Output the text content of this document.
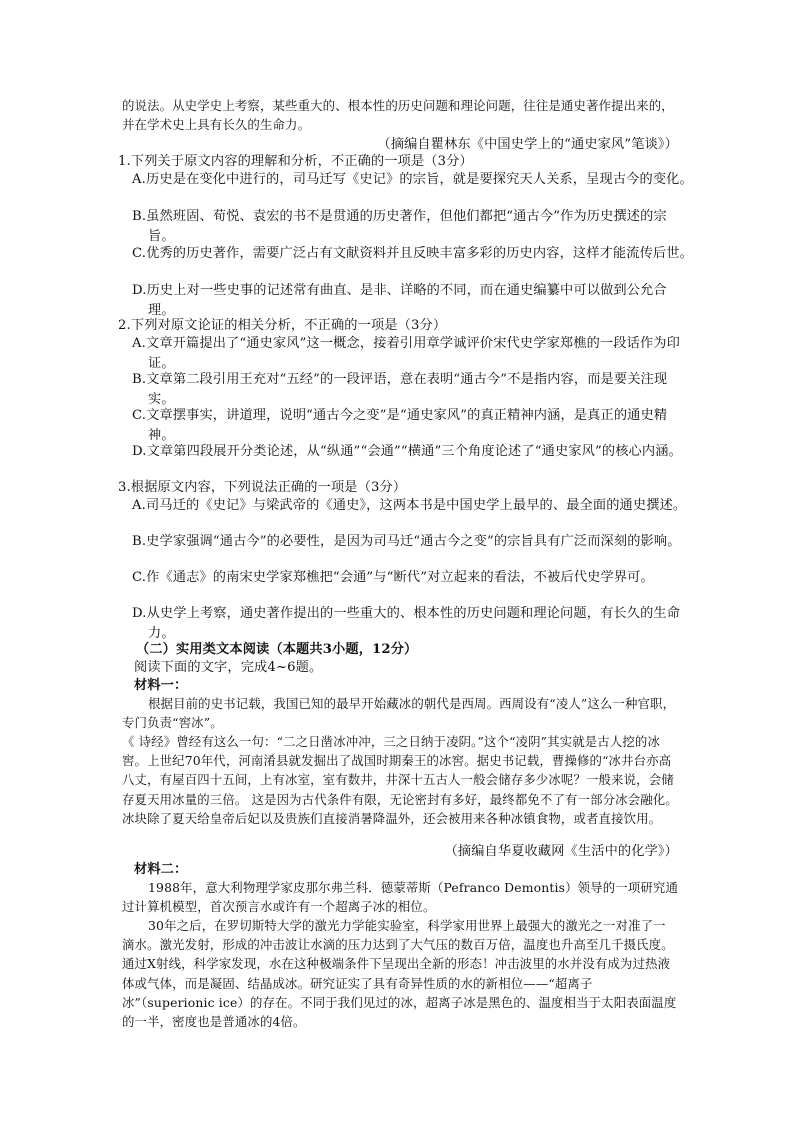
的说法。从史学史上考察，某些重大的、根本性的历史问题和理论问题，往往是通史著作提出来的，并在学术史上具有长久的生命力。

（摘编自瞿林东《中国史学上的“通史家风”笔谈》）

1.下列关于原文内容的理解和分析，不正确的一项是（3分）

A.历史是在变化中进行的，司马迁写《史记》的宗旨，就是要探究天人关系，呈现古今的变化。

B.虽然班固、荀悦、袁宏的书不是贯通的历史著作，但他们都把“通古今”作为历史撰述的宗旨。

C.优秀的历史著作，需要广泛占有文献资料并且反映丰富多彩的历史内容，这样才能流传后世。

D.历史上对一些史事的记述常有曲直、是非、详略的不同，而在通史编纂中可以做到公允合理。

2.下列对原文论证的相关分析，不正确的一项是（3分）

A.文章开篇提出了“通史家风”这一概念，接着引用章学诚评价宋代史学家郑樵的一段话作为印证。

B.文章第二段引用王充对“五经”的一段评语，意在表明“通古今”不是指内容，而是要关注现实。

C.文章摆事实，讲道理，说明“通古今之变”是“通史家风”的真正精神内涵，是真正的通史精神。

D.文章第四段展开分类论述，从“纵通”“会通”“横通”三个角度论述了“通史家风”的核心内涵。

3.根据原文内容，下列说法正确的一项是（3分）

A.司马迁的《史记》与梁武帝的《通史》，这两本书是中国史学上最早的、最全面的通史撰述。

B.史学家强调“通古今”的必要性，是因为司马迁“通古今之变”的宗旨具有广泛而深刻的影响。

C.作《通志》的南宋史学家郑樵把“会通”与“断代”对立起来的看法，不被后代史学界可。

D.从史学上考察，通史著作提出的一些重大的、根本性的历史问题和理论问题，有长久的生命力。

（二）实用类文本阅读（本题共3小题，12分）

阅读下面的文字，完成4~6题。

材料一：

根据目前的史书记载，我国已知的最早开始藏冰的朝代是西周。西周设有“凌人”这么一种官职，专门负责“窖冰”。

《 诗经》曾经有这么一句：“二之日凿冰冲冲，三之日纳于凌阴。”这个“凌阴”其实就是古人挖的冰窖。上世纪70年代，河南淆县就发掘出了战国时期秦王的冰窖。据史书记载，曹操修的“冰井台亦高八丈，有屋百四十五间，上有冰室，室有数井，井深十五古人一般会储存多少冰呢？一般来说，会储存夏天用冰量的三倍。 这是因为古代条件有限，无论密封有多好，最终都免不了有一部分冰会融化。 冰块除了夏天给皇帝后妃以及贵族们直接消暑降温外，还会被用来各种冰镇食物，或者直接饮用。

（摘编自华夏收藏网《生活中的化学》）

材料二：

1988年，意大利物理学家皮那尔弗兰科．德蒙蒂斯（Pefranco Demontis）领导的一项研究通过计算机模型，首次预言水或许有一个超离子冰的相位。

30年之后，在罗切斯特大学的激光力学能实验室，科学家用世界上最强大的激光之一对准了一滴水。激光发射，形成的冲击波让水滴的压力达到了大气压的数百万倍，温度也升高至几千摄氏度。通过X射线，科学家发现，水在这种极端条件下呈现出全新的形态！冲击波里的水并没有成为过热液体或气体，而是凝固、结晶成冰。研究证实了具有奇异性质的水的新相位——“超离子冰”（superionic ice）的存在。不同于我们见过的冰，超离子冰是黑色的、温度相当于太阳表面温度的一半，密度也是普通冰的4倍。
